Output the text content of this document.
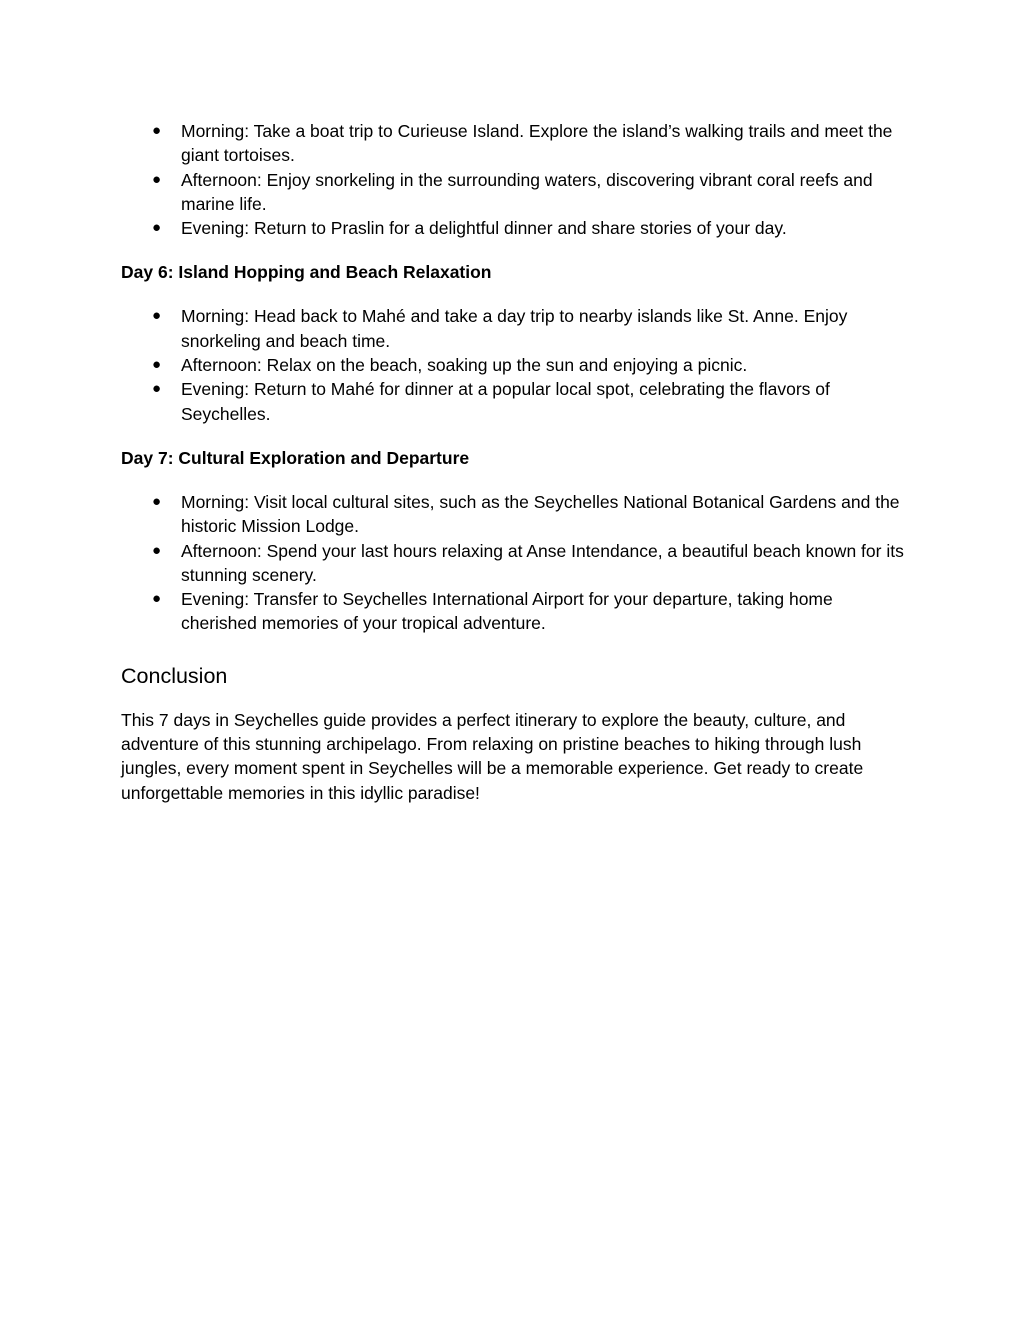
● Morning: Take a boat trip to Curieuse Island. Explore the island’s walking trails and meet the giant tortoises.
● Afternoon: Enjoy snorkeling in the surrounding waters, discovering vibrant coral reefs and marine life.
● Evening: Return to Praslin for a delightful dinner and share stories of your day.
Day 6: Island Hopping and Beach Relaxation
● Morning: Head back to Mahé and take a day trip to nearby islands like St. Anne. Enjoy snorkeling and beach time.
● Afternoon: Relax on the beach, soaking up the sun and enjoying a picnic.
● Evening: Return to Mahé for dinner at a popular local spot, celebrating the flavors of Seychelles.
Day 7: Cultural Exploration and Departure
● Morning: Visit local cultural sites, such as the Seychelles National Botanical Gardens and the historic Mission Lodge.
● Afternoon: Spend your last hours relaxing at Anse Intendance, a beautiful beach known for its stunning scenery.
● Evening: Transfer to Seychelles International Airport for your departure, taking home cherished memories of your tropical adventure.
Conclusion

This 7 days in Seychelles guide provides a perfect itinerary to explore the beauty, culture, and adventure of this stunning archipelago. From relaxing on pristine beaches to hiking through lush jungles, every moment spent in Seychelles will be a memorable experience. Get ready to create unforgettable memories in this idyllic paradise!
